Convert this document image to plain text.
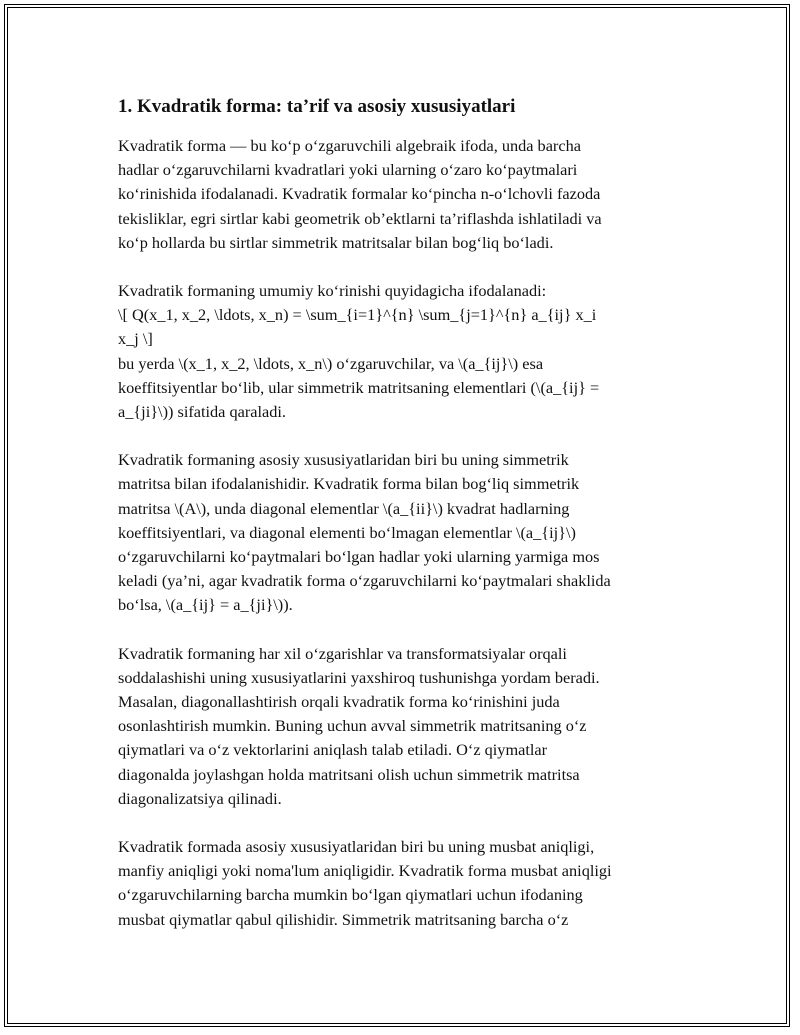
1. Kvadratik forma: ta’rif va asosiy xususiyatlari
Kvadratik forma — bu koʻp oʻzgaruvchili algebraik ifoda, unda barcha
hadlar oʻzgaruvchilarni kvadratlari yoki ularning oʻzaro koʻpaytmalari
koʻrinishida ifodalanadi. Kvadratik formalar koʻpincha n-oʻlchovli fazoda
tekisliklar, egri sirtlar kabi geometrik obʼektlarni taʼriflashda ishlatiladi va
koʻp hollarda bu sirtlar simmetrik matritsalar bilan bogʻliq boʻladi.
Kvadratik formaning umumiy koʻrinishi quyidagicha ifodalanadi:
\[ Q(x_1, x_2, \ldots, x_n) = \sum_{i=1}^{n} \sum_{j=1}^{n} a_{ij} x_i
x_j \]
bu yerda \(x_1, x_2, \ldots, x_n\) oʻzgaruvchilar, va \(a_{ij}\) esa
koeffitsiyentlar boʻlib, ular simmetrik matritsaning elementlari (\(a_{ij} =
a_{ji}\)) sifatida qaraladi.
Kvadratik formaning asosiy xususiyatlaridan biri bu uning simmetrik
matritsa bilan ifodalanishidir. Kvadratik forma bilan bogʻliq simmetrik
matritsa \(A\), unda diagonal elementlar \(a_{ii}\) kvadrat hadlarning
koeffitsiyentlari, va diagonal elementi boʻlmagan elementlar \(a_{ij}\)
oʻzgaruvchilarni koʻpaytmalari boʻlgan hadlar yoki ularning yarmiga mos
keladi (yaʼni, agar kvadratik forma oʻzgaruvchilarni koʻpaytmalari shaklida
boʻlsa, \(a_{ij} = a_{ji}\)).
Kvadratik formaning har xil oʻzgarishlar va transformatsiyalar orqali
soddalashishi uning xususiyatlarini yaxshiroq tushunishga yordam beradi.
Masalan, diagonallashtirish orqali kvadratik forma koʻrinishini juda
osonlashtirish mumkin. Buning uchun avval simmetrik matritsaning oʻz
qiymatlari va oʻz vektorlarini aniqlash talab etiladi. Oʻz qiymatlar
diagonalda joylashgan holda matritsani olish uchun simmetrik matritsa
diagonalizatsiya qilinadi.
Kvadratik formada asosiy xususiyatlaridan biri bu uning musbat aniqligi,
manfiy aniqligi yoki noma'lum aniqligidir. Kvadratik forma musbat aniqligi
oʻzgaruvchilarning barcha mumkin boʻlgan qiymatlari uchun ifodaning
musbat qiymatlar qabul qilishidir. Simmetrik matritsaning barcha oʻz
